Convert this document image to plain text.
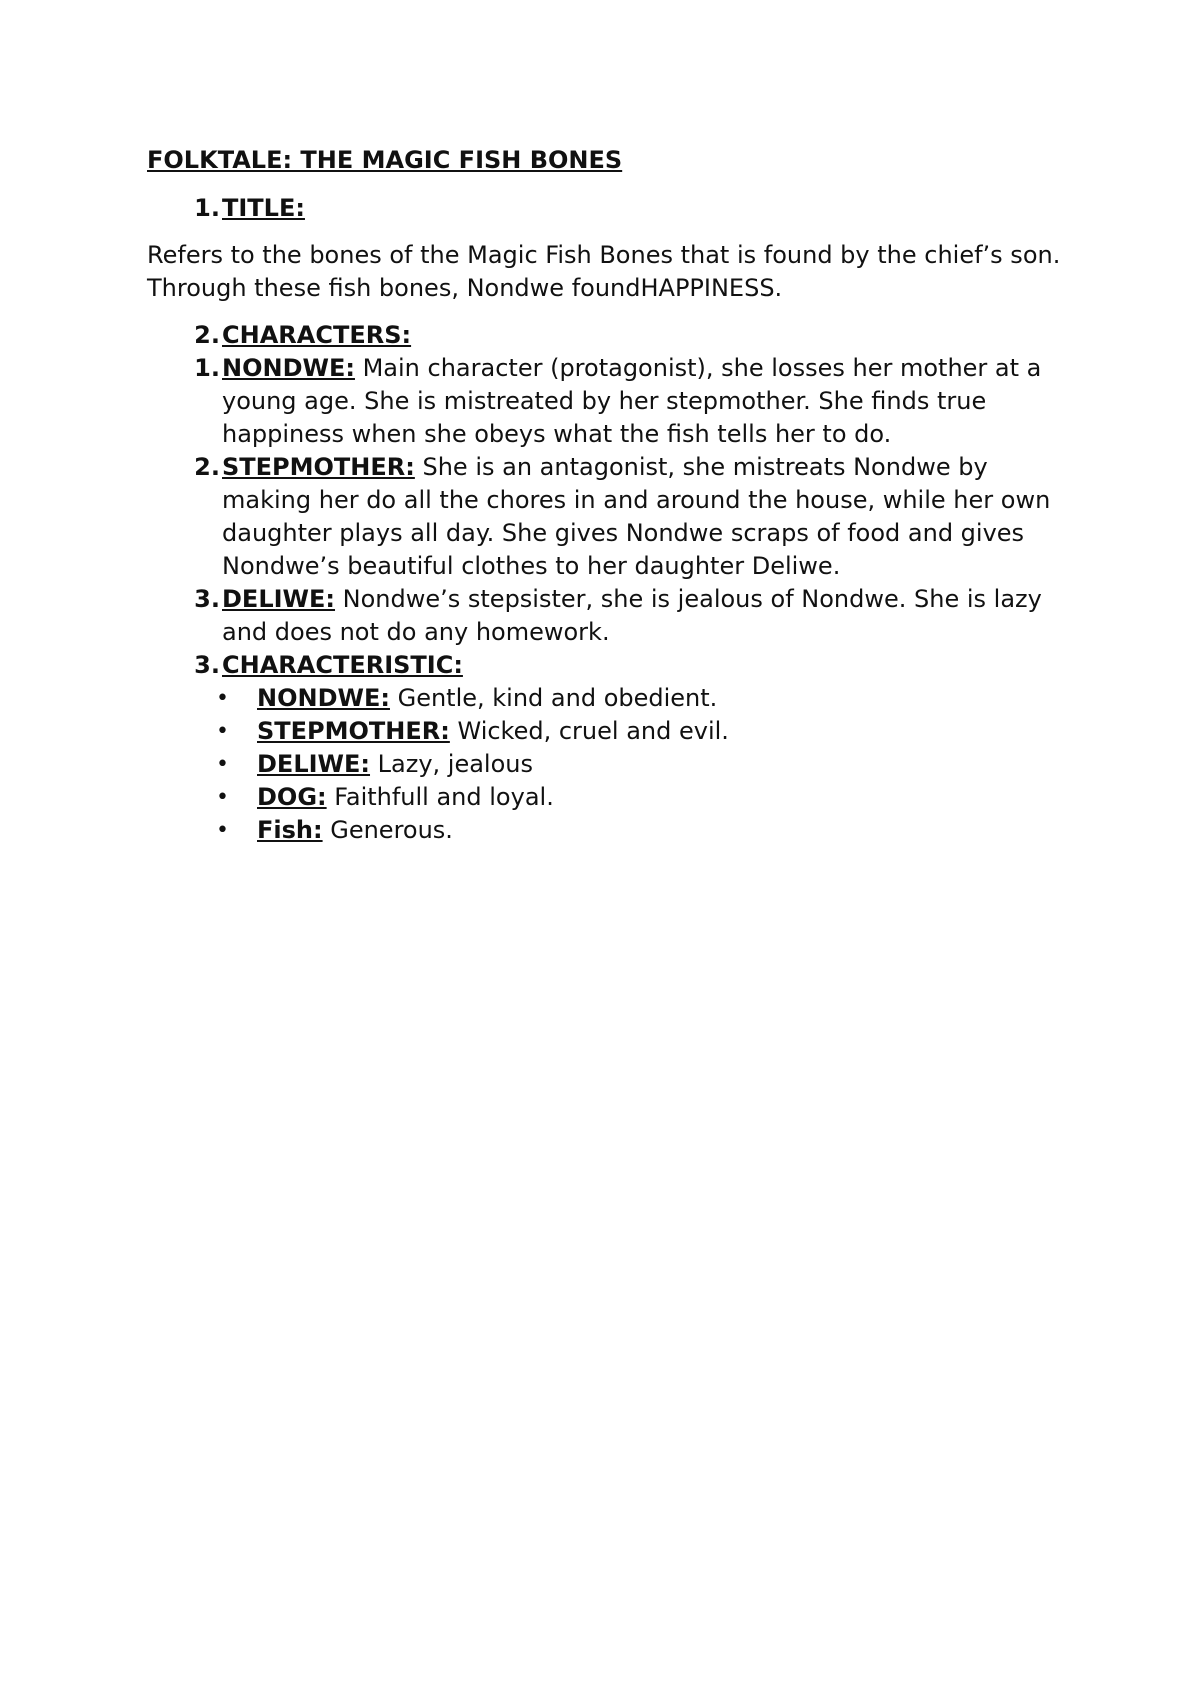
FOLKTALE: THE MAGIC FISH BONES
1. TITLE:

Refers to the bones of the Magic Fish Bones that is found by the chief’s son. Through these fish bones, Nondwe foundHAPPINESS.

2. CHARACTERS:
1. NONDWE: Main character (protagonist), she losses her mother at a young age. She is mistreated by her stepmother. She finds true happiness when she obeys what the fish tells her to do.
2. STEPMOTHER: She is an antagonist, she mistreats Nondwe by making her do all the chores in and around the house, while her own daughter plays all day. She gives Nondwe scraps of food and gives Nondwe’s beautiful clothes to her daughter Deliwe.
3. DELIWE: Nondwe’s stepsister, she is jealous of Nondwe. She is lazy and does not do any homework.
3. CHARACTERISTIC:
•	NONDWE: Gentle, kind and obedient.
•	STEPMOTHER: Wicked, cruel and evil.
•	DELIWE: Lazy, jealous
•	DOG: Faithfull and loyal.
•	Fish: Generous.
